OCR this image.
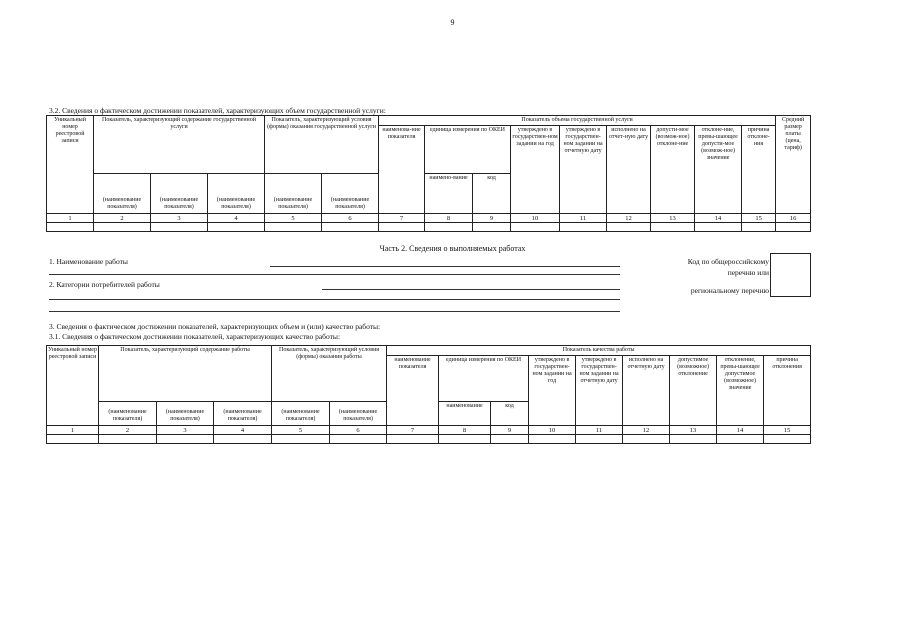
9
3.2. Сведения о фактическом достижении показателей, характеризующих объем государственной услуги:
Уникальный номер реестровой записи	Показатель, характеризующий содержание государственной услуги			Показатель, характеризующий условия (формы) оказания государственной услуги		Показатель объема государственной услуги									Средний размер платы (цена, тариф)
						наименова-ние показателя	единица измерения по ОКЕИ		утверждено в государствен-ном задании на год	утверждено в государствен-ном задании на отчетную дату	исполнено на отчет-ную дату	допусти-мое (возмож-ное) отклоне-ние	отклоне-ние, превы-шающее допусти-мое (возмож-ное) значение	причина отклоне-ния	
	(наименование показателя)	(наименование показателя)	(наименование показателя)	(наименование показателя)	(наименование показателя)		наимено-вание	код							
1	2	3	4	5	6	7	8	9	10	11	12	13	14	15	16

Часть 2. Сведения о выполняемых работах
1. Наименование работы
2. Категории потребителей работы
Код по общероссийскому
перечню или
региональному перечню
3. Сведения о фактическом достижении показателей, характеризующих объем и (или) качество работы:
3.1. Сведения о фактическом достижении показателей, характеризующих качество работы:
Уникальный номер реестровой записи	Показатель, характеризующий содержание работы			Показатель, характеризующий условия (формы) оказания работы		Показатель качества работы								
						наименование показателя	единица измерения по ОКЕИ		утверждено в государствен-ном задании на год	утверждено в государствен-ном задании на отчетную дату	исполнено на отчетную дату	допустимое (возможное) отклонение	отклонение, превы-шающее допустимое (возможное) значение	причина отклонения
	(наименование показателя)	(наименование показателя)	(наименование показателя)	(наименование показателя)	(наименование показателя)		наименование	код						
1	2	3	4	5	6	7	8	9	10	11	12	13	14	15
